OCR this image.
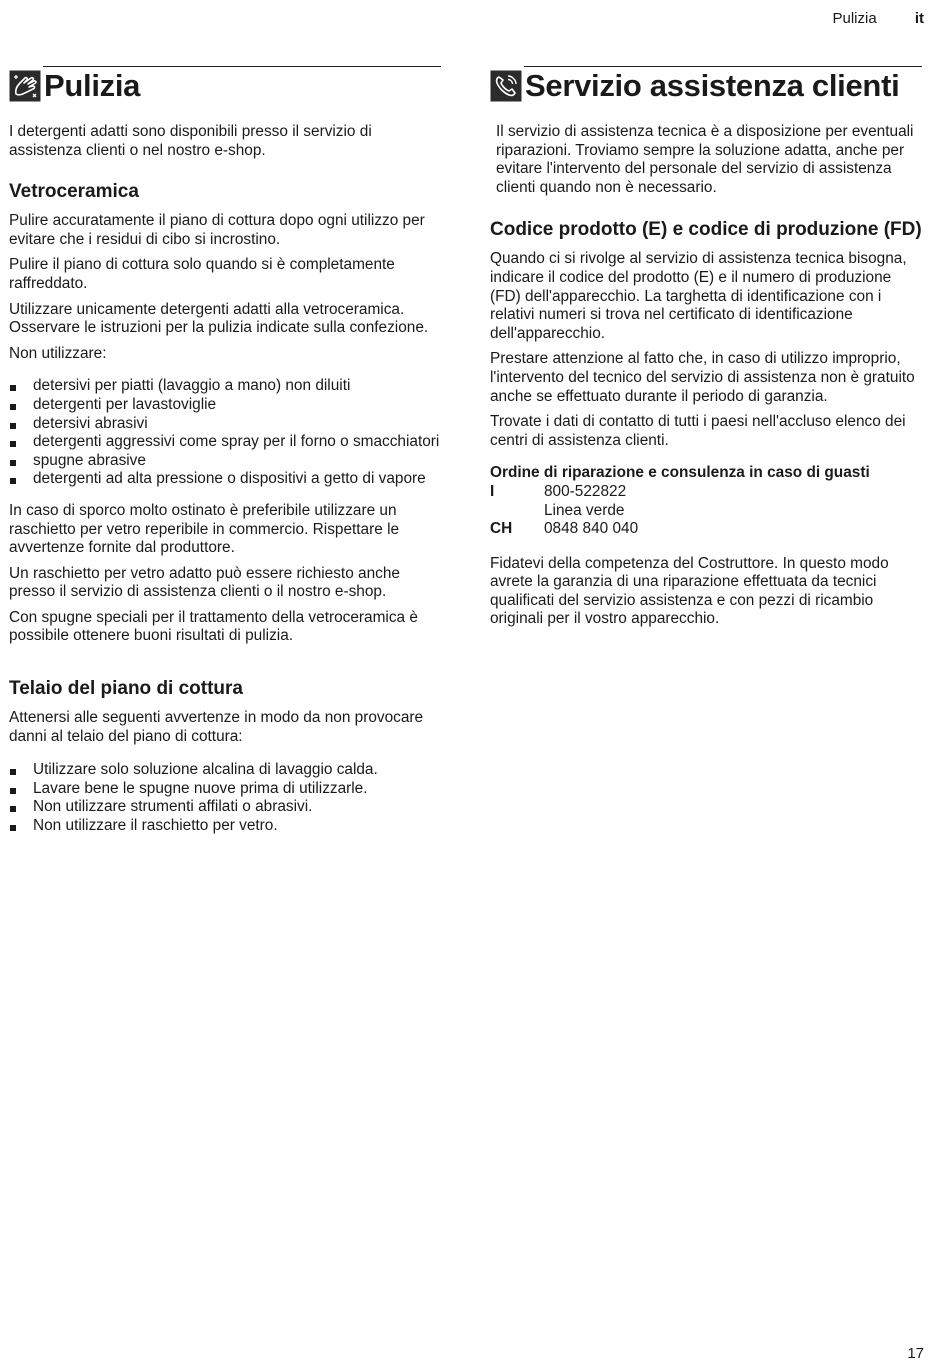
Pulizia	it
Pulizia

I detergenti adatti sono disponibili presso il servizio di assistenza clienti o nel nostro e-shop.

Vetroceramica

Pulire accuratamente il piano di cottura dopo ogni utilizzo per evitare che i residui di cibo si incrostino.

Pulire il piano di cottura solo quando si è completamente raffreddato.

Utilizzare unicamente detergenti adatti alla vetroceramica. Osservare le istruzioni per la pulizia indicate sulla confezione.

Non utilizzare:

detersivi per piatti (lavaggio a mano) non diluiti
detergenti per lavastoviglie
detersivi abrasivi
detergenti aggressivi come spray per il forno o smacchiatori
spugne abrasive
detergenti ad alta pressione o dispositivi a getto di vapore

In caso di sporco molto ostinato è preferibile utilizzare un raschietto per vetro reperibile in commercio. Rispettare le avvertenze fornite dal produttore.

Un raschietto per vetro adatto può essere richiesto anche presso il servizio di assistenza clienti o il nostro e-shop.

Con spugne speciali per il trattamento della vetroceramica è possibile ottenere buoni risultati di pulizia.

Telaio del piano di cottura

Attenersi alle seguenti avvertenze in modo da non provocare danni al telaio del piano di cottura:

Utilizzare solo soluzione alcalina di lavaggio calda.
Lavare bene le spugne nuove prima di utilizzarle.
Non utilizzare strumenti affilati o abrasivi.
Non utilizzare il raschietto per vetro.
Servizio assistenza clienti

Il servizio di assistenza tecnica è a disposizione per eventuali riparazioni. Troviamo sempre la soluzione adatta, anche per evitare l'intervento del personale del servizio di assistenza clienti quando non è necessario.

Codice prodotto (E) e codice di produzione (FD)

Quando ci si rivolge al servizio di assistenza tecnica bisogna, indicare il codice del prodotto (E) e il numero di produzione (FD) dell'apparecchio. La targhetta di identificazione con i relativi numeri si trova nel certificato di identificazione dell'apparecchio.

Prestare attenzione al fatto che, in caso di utilizzo improprio, l'intervento del tecnico del servizio di assistenza non è gratuito anche se effettuato durante il periodo di garanzia.

Trovate i dati di contatto di tutti i paesi nell'accluso elenco dei centri di assistenza clienti.

Ordine di riparazione e consulenza in caso di guasti
I	800-522822
Linea verde
CH	0848 840 040

Fidatevi della competenza del Costruttore. In questo modo avrete la garanzia di una riparazione effettuata da tecnici qualificati del servizio assistenza e con pezzi di ricambio originali per il vostro apparecchio.

17
